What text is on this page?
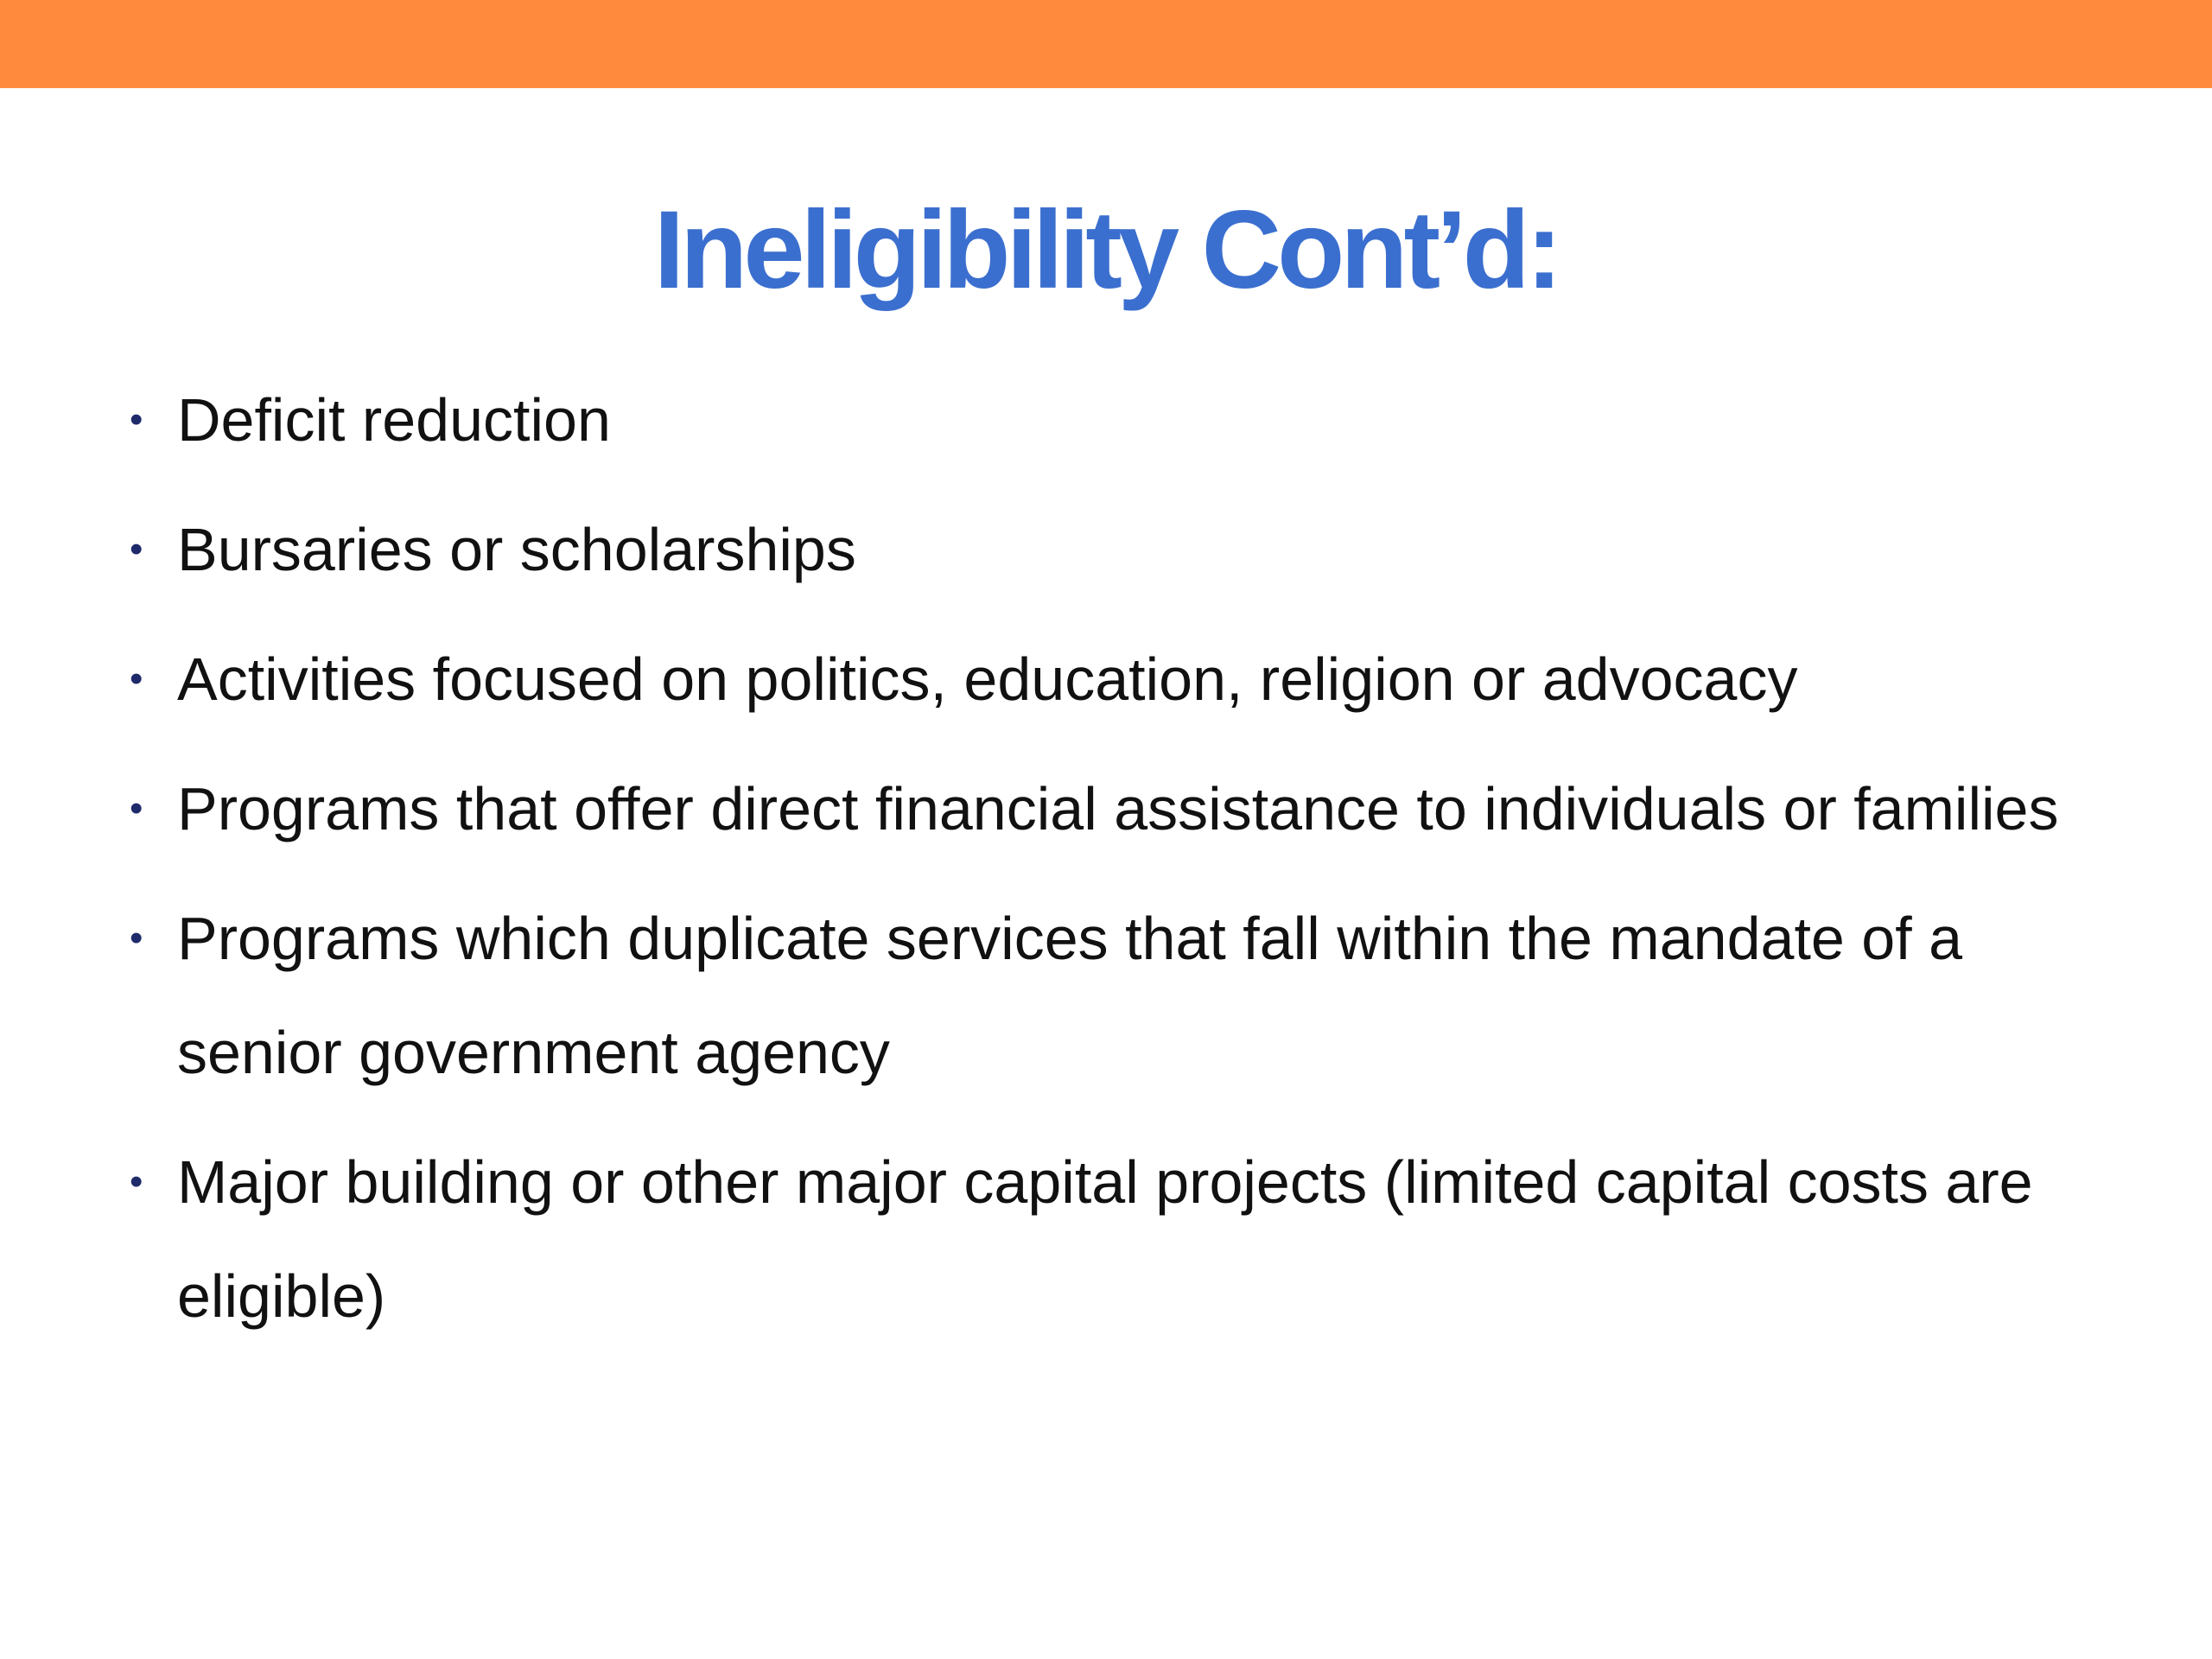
Ineligibility Cont’d:
• Deficit reduction
• Bursaries or scholarships
• Activities focused on politics, education, religion or advocacy
• Programs that offer direct financial assistance to individuals or families
• Programs which duplicate services that fall within the mandate of a senior government agency
• Major building or other major capital projects (limited capital costs are eligible)
